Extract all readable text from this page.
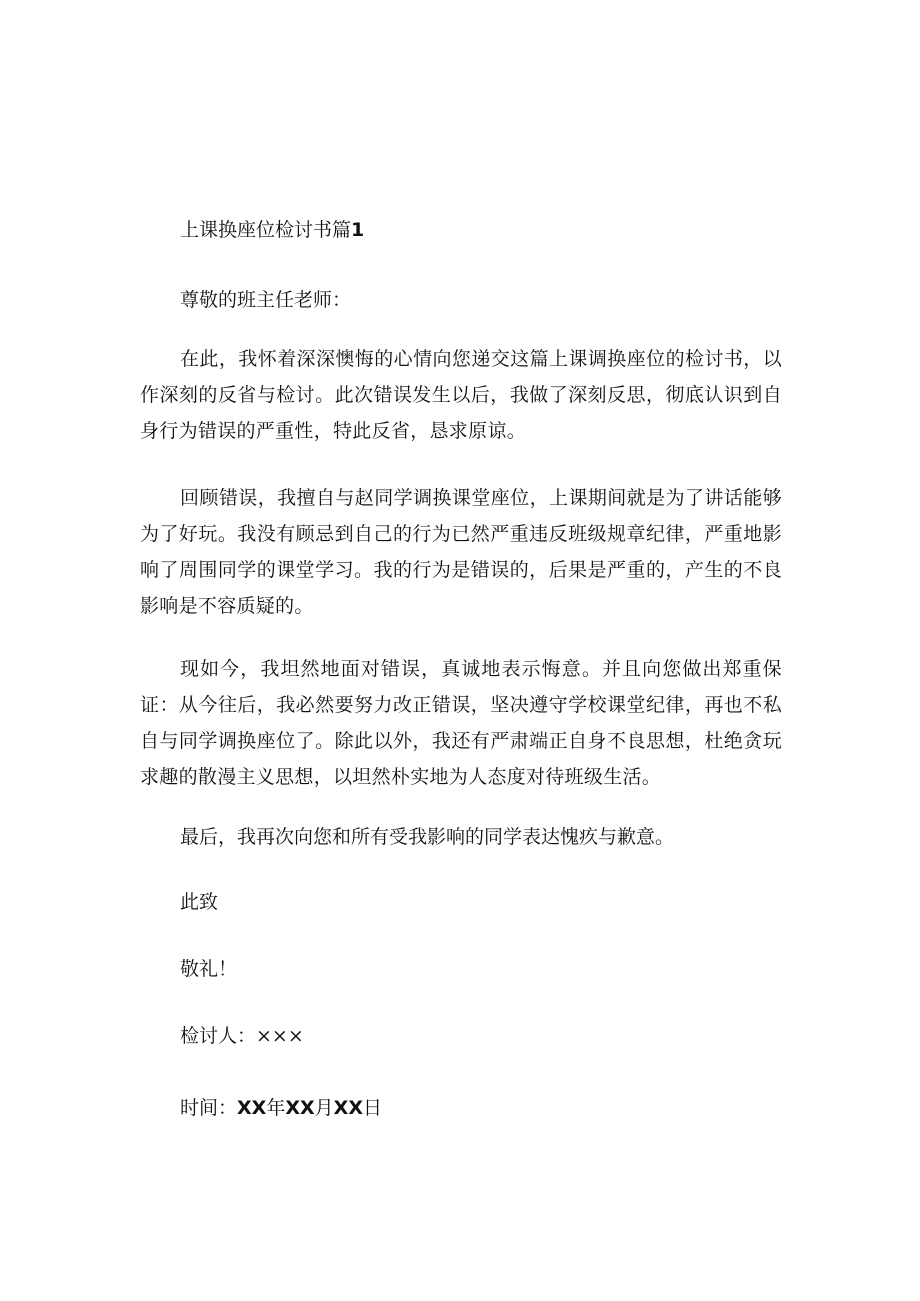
上课换座位检讨书篇1
尊敬的班主任老师：

在此，我怀着深深懊悔的心情向您递交这篇上课调换座位的检讨书，以作深刻的反省与检讨。此次错误发生以后，我做了深刻反思，彻底认识到自身行为错误的严重性，特此反省，恳求原谅。

回顾错误，我擅自与赵同学调换课堂座位，上课期间就是为了讲话能够为了好玩。我没有顾忌到自己的行为已然严重违反班级规章纪律，严重地影响了周围同学的课堂学习。我的行为是错误的，后果是严重的，产生的不良影响是不容质疑的。

现如今，我坦然地面对错误，真诚地表示悔意。并且向您做出郑重保证：从今往后，我必然要努力改正错误，坚决遵守学校课堂纪律，再也不私自与同学调换座位了。除此以外，我还有严肃端正自身不良思想，杜绝贪玩求趣的散漫主义思想，以坦然朴实地为人态度对待班级生活。

最后，我再次向您和所有受我影响的同学表达愧疚与歉意。
此致
敬礼！
检讨人：×××
时间：XX年XX月XX日
